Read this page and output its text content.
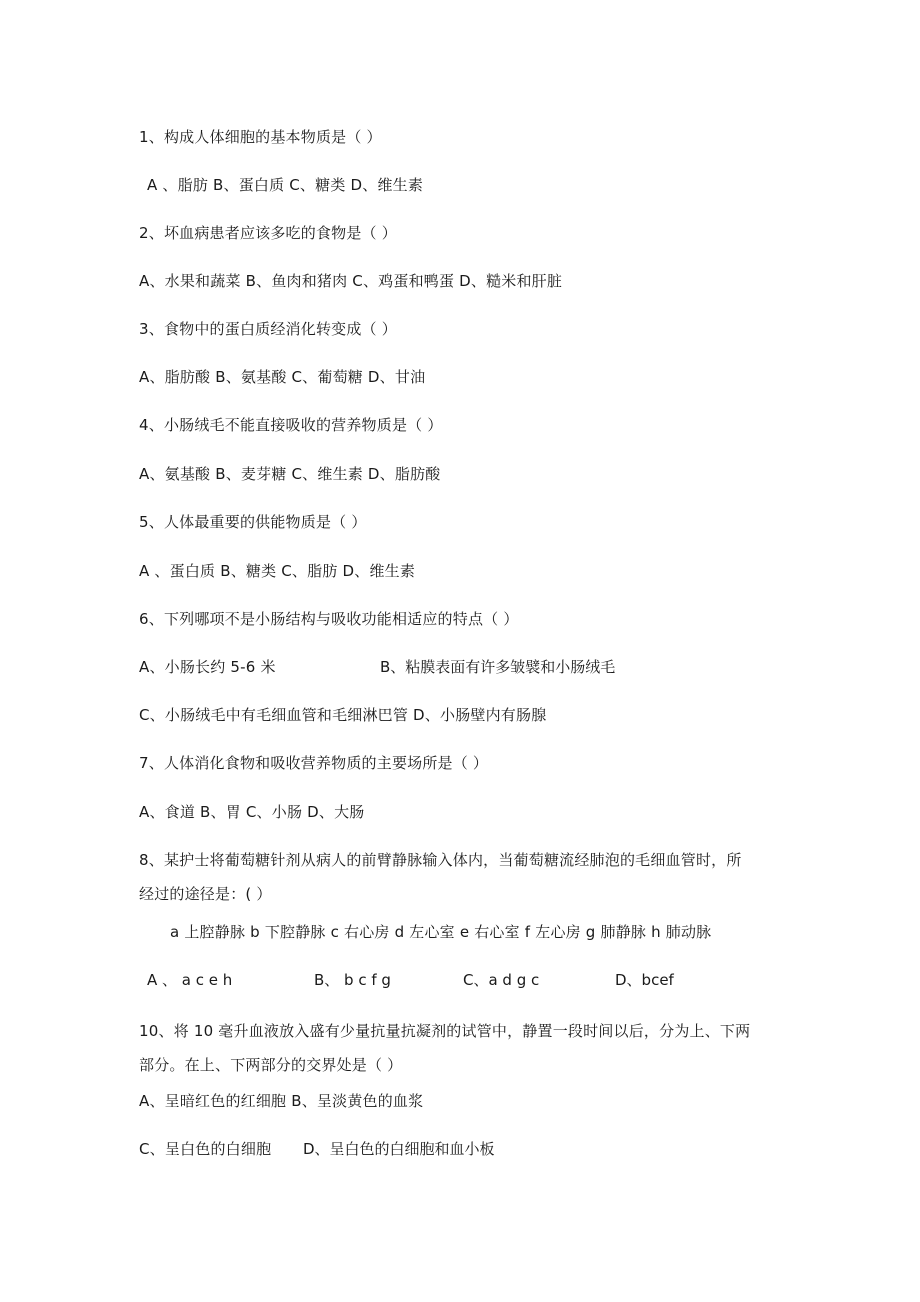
1、构成人体细胞的基本物质是（ ）
A 、脂肪 B、蛋白质 C、糖类 D、维生素
2、坏血病患者应该多吃的食物是（ ）
A、水果和蔬菜 B、鱼肉和猪肉 C、鸡蛋和鸭蛋 D、糙米和肝脏
3、食物中的蛋白质经消化转变成（ ）
A、脂肪酸 B、氨基酸 C、葡萄糖 D、甘油
4、小肠绒毛不能直接吸收的营养物质是（ ）
A、氨基酸 B、麦芽糖 C、维生素 D、脂肪酸
5、人体最重要的供能物质是（ ）
A 、蛋白质 B、糖类 C、脂肪 D、维生素
6、下列哪项不是小肠结构与吸收功能相适应的特点（ ）
A、小肠长约 5-6 米	B、粘膜表面有许多皱襞和小肠绒毛
C、小肠绒毛中有毛细血管和毛细淋巴管 D、小肠壁内有肠腺
7、人体消化食物和吸收营养物质的主要场所是（ ）
A、食道 B、胃 C、小肠 D、大肠
8、某护士将葡萄糖针剂从病人的前臂静脉输入体内，当葡萄糖流经肺泡的毛细血管时，所
经过的途径是：( ）
a 上腔静脉 b 下腔静脉 c 右心房 d 左心室 e 右心室 f 左心房 g 肺静脉 h 肺动脉
A 、 a c e h	B、 b c f g	C、a d g c	D、bcef
10、将 10 毫升血液放入盛有少量抗量抗凝剂的试管中，静置一段时间以后，分为上、下两
部分。在上、下两部分的交界处是（ ）
A、呈暗红色的红细胞 B、呈淡黄色的血浆
C、呈白色的白细胞 D、呈白色的白细胞和血小板
